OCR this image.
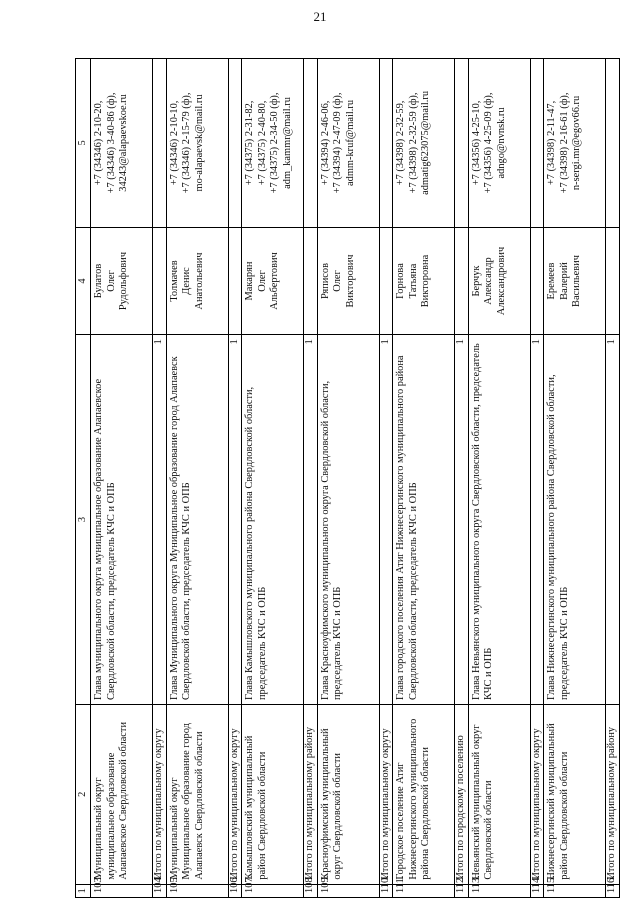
21
1	2	3	4	5
103.	Муниципальный округ муниципальное образование Алапаевское Свердловской области	Глава муниципального округа муниципальное образование Алапаевское Свердловской области, председатель КЧС и ОПБ	Булатов Олег Рудольфович	+7 (34346) 2-10-20, +7 (34346) 3-40-86 (ф), 34243@alapaevskoe.ru

104.	Итого по муниципальному округу	1		
105.	Муниципальный округ Муниципальное образование город Алапаевск Свердловской области	Глава Муниципального округа Муниципальное образование город Алапаевск Свердловской области, председатель КЧС и ОПБ	Толмачев Денис Анатольевич	+7 (34346) 2-10-10, +7 (34346) 2-15-79 (ф), mo-alapaevsk@mail.ru

106.	Итого по муниципальному округу	1		
107.	Камышловский муниципальный район Свердловской области	Глава Камышловского муниципального района Свердловской области, председатель КЧС и ОПБ	Макарян Олег Альбертович	+7 (34375) 2-31-82, +7 (34375) 2-40-80, +7 (34375) 2-34-50 (ф), adm_kammr@mail.ru

108.	Итого по муниципальному району	1		
109.	Красноуфимский муниципальный округ Свердловской области	Глава Красноуфимского муниципального округа Свердловской области, председатель КЧС и ОПБ	Ряписов Олег Викторович	+7 (34394) 2-46-06, +7 (34394) 2-47-09 (ф), admm-kruf@mail.ru

110.	Итого по муниципальному округу	1		
111.	Городское поселение Атиг Нижнесергинского муниципального района Свердловской области	Глава городского поселения Атиг Нижнесергинского муниципального района Свердловской области, председатель КЧС и ОПБ	Горнова Татьяна Викторовна	+7 (34398) 2-32-59, +7 (34398) 2-32-59 (ф), admatig623075@mail.ru

112.	Итого по городскому поселению	1		
113.	Невьянский муниципальный округ Свердловской области	Глава Невьянского муниципального округа Свердловской области, председатель КЧС и ОПБ	Берчук Александр Александрович	+7 (34356) 4-25-10, +7 (34356) 4-25-09 (ф), adngo@nvnsk.ru

114.	Итого по муниципальному округу	1		
115.	Нижнесергинский муниципальный район Свердловской области	Глава Нижнесергинского муниципального района Свердловской области, председатель КЧС и ОПБ	Еремеев Валерий Васильевич	+7 (34398) 2-11-47, +7 (34398) 2-16-61 (ф), n-sergi.mr@egov66.ru

116.	Итого по муниципальному району	1		
